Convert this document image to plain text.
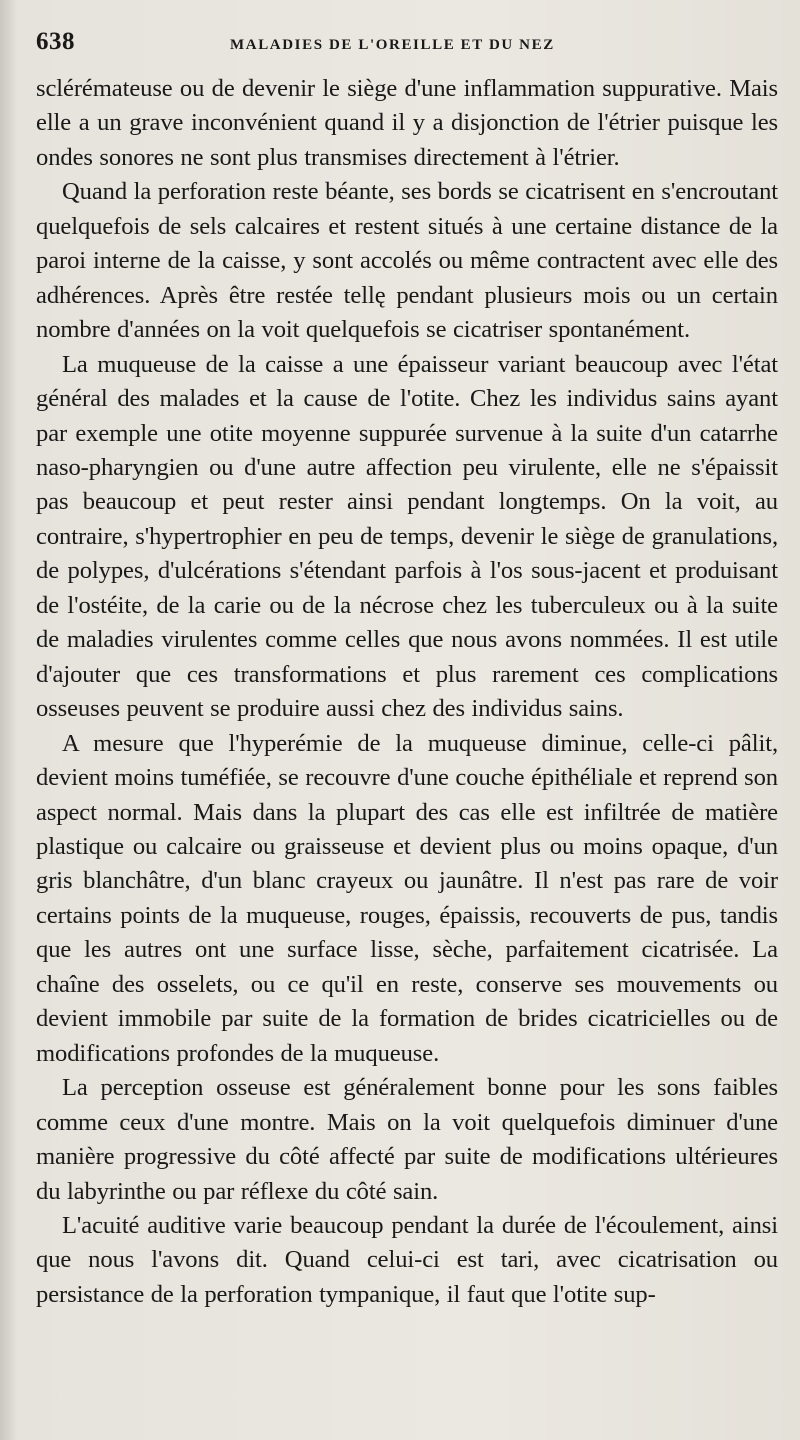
638	MALADIES DE L'OREILLE ET DU NEZ

sclérémateuse ou de devenir le siège d'une inflammation suppurative. Mais elle a un grave inconvénient quand il y a disjonction de l'étrier puisque les ondes sonores ne sont plus transmises directement à l'étrier.

Quand la perforation reste béante, ses bords se cicatrisent en s'encroutant quelquefois de sels calcaires et restent situés à une certaine distance de la paroi interne de la caisse, y sont accolés ou même contractent avec elle des adhérences. Après être restée tellę pendant plusieurs mois ou un certain nombre d'années on la voit quelquefois se cicatriser spontanément.

La muqueuse de la caisse a une épaisseur variant beaucoup avec l'état général des malades et la cause de l'otite. Chez les individus sains ayant par exemple une otite moyenne suppurée survenue à la suite d'un catarrhe naso-pharyngien ou d'une autre affection peu virulente, elle ne s'épaissit pas beaucoup et peut rester ainsi pendant longtemps. On la voit, au contraire, s'hypertrophier en peu de temps, devenir le siège de granulations, de polypes, d'ulcérations s'étendant parfois à l'os sous-jacent et produisant de l'ostéite, de la carie ou de la nécrose chez les tuberculeux ou à la suite de maladies virulentes comme celles que nous avons nommées. Il est utile d'ajouter que ces transformations et plus rarement ces complications osseuses peuvent se produire aussi chez des individus sains.

A mesure que l'hyperémie de la muqueuse diminue, celle-ci pâlit, devient moins tuméfiée, se recouvre d'une couche épithéliale et reprend son aspect normal. Mais dans la plupart des cas elle est infiltrée de matière plastique ou calcaire ou graisseuse et devient plus ou moins opaque, d'un gris blanchâtre, d'un blanc crayeux ou jaunâtre. Il n'est pas rare de voir certains points de la muqueuse, rouges, épaissis, recouverts de pus, tandis que les autres ont une surface lisse, sèche, parfaitement cicatrisée. La chaîne des osselets, ou ce qu'il en reste, conserve ses mouvements ou devient immobile par suite de la formation de brides cicatricielles ou de modifications profondes de la muqueuse.

La perception osseuse est généralement bonne pour les sons faibles comme ceux d'une montre. Mais on la voit quelquefois diminuer d'une manière progressive du côté affecté par suite de modifications ultérieures du labyrinthe ou par réflexe du côté sain.

L'acuité auditive varie beaucoup pendant la durée de l'écoulement, ainsi que nous l'avons dit. Quand celui-ci est tari, avec cicatrisation ou persistance de la perforation tympanique, il faut que l'otite sup-
